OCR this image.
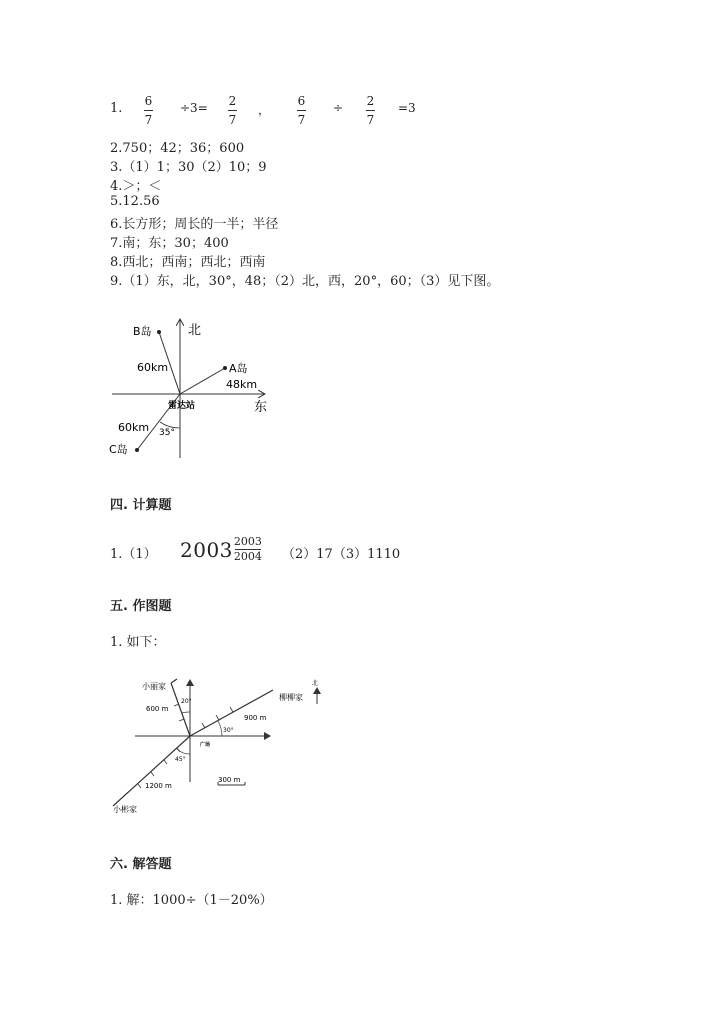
1. 6
7
÷3= 2
7
，
6
7
÷ 2
7
=3
2.750；42；36；600
3.（1）1；30（2）10；9
4.＞；＜
5.12.56
6.长方形；周长的一半；半径
7.南；东；30；400
8.西北；西南；西北；西南
9.（1）东，北，30°，48；（2）北，西，20°，60；（3）见下图。
东
北
雷达站
B岛
60km	A岛
48km
60km 35°
C岛
四. 计算题
1.（1） 2003 2003
2004 （2）17（3）1110
五. 作图题
1. 如下：
北
小丽家
600 m
20°	柳柳家
900 m
30°
广场
45°
1200 m
小彬家
300 m
六. 解答题
1. 解：1000÷（1－20%）
